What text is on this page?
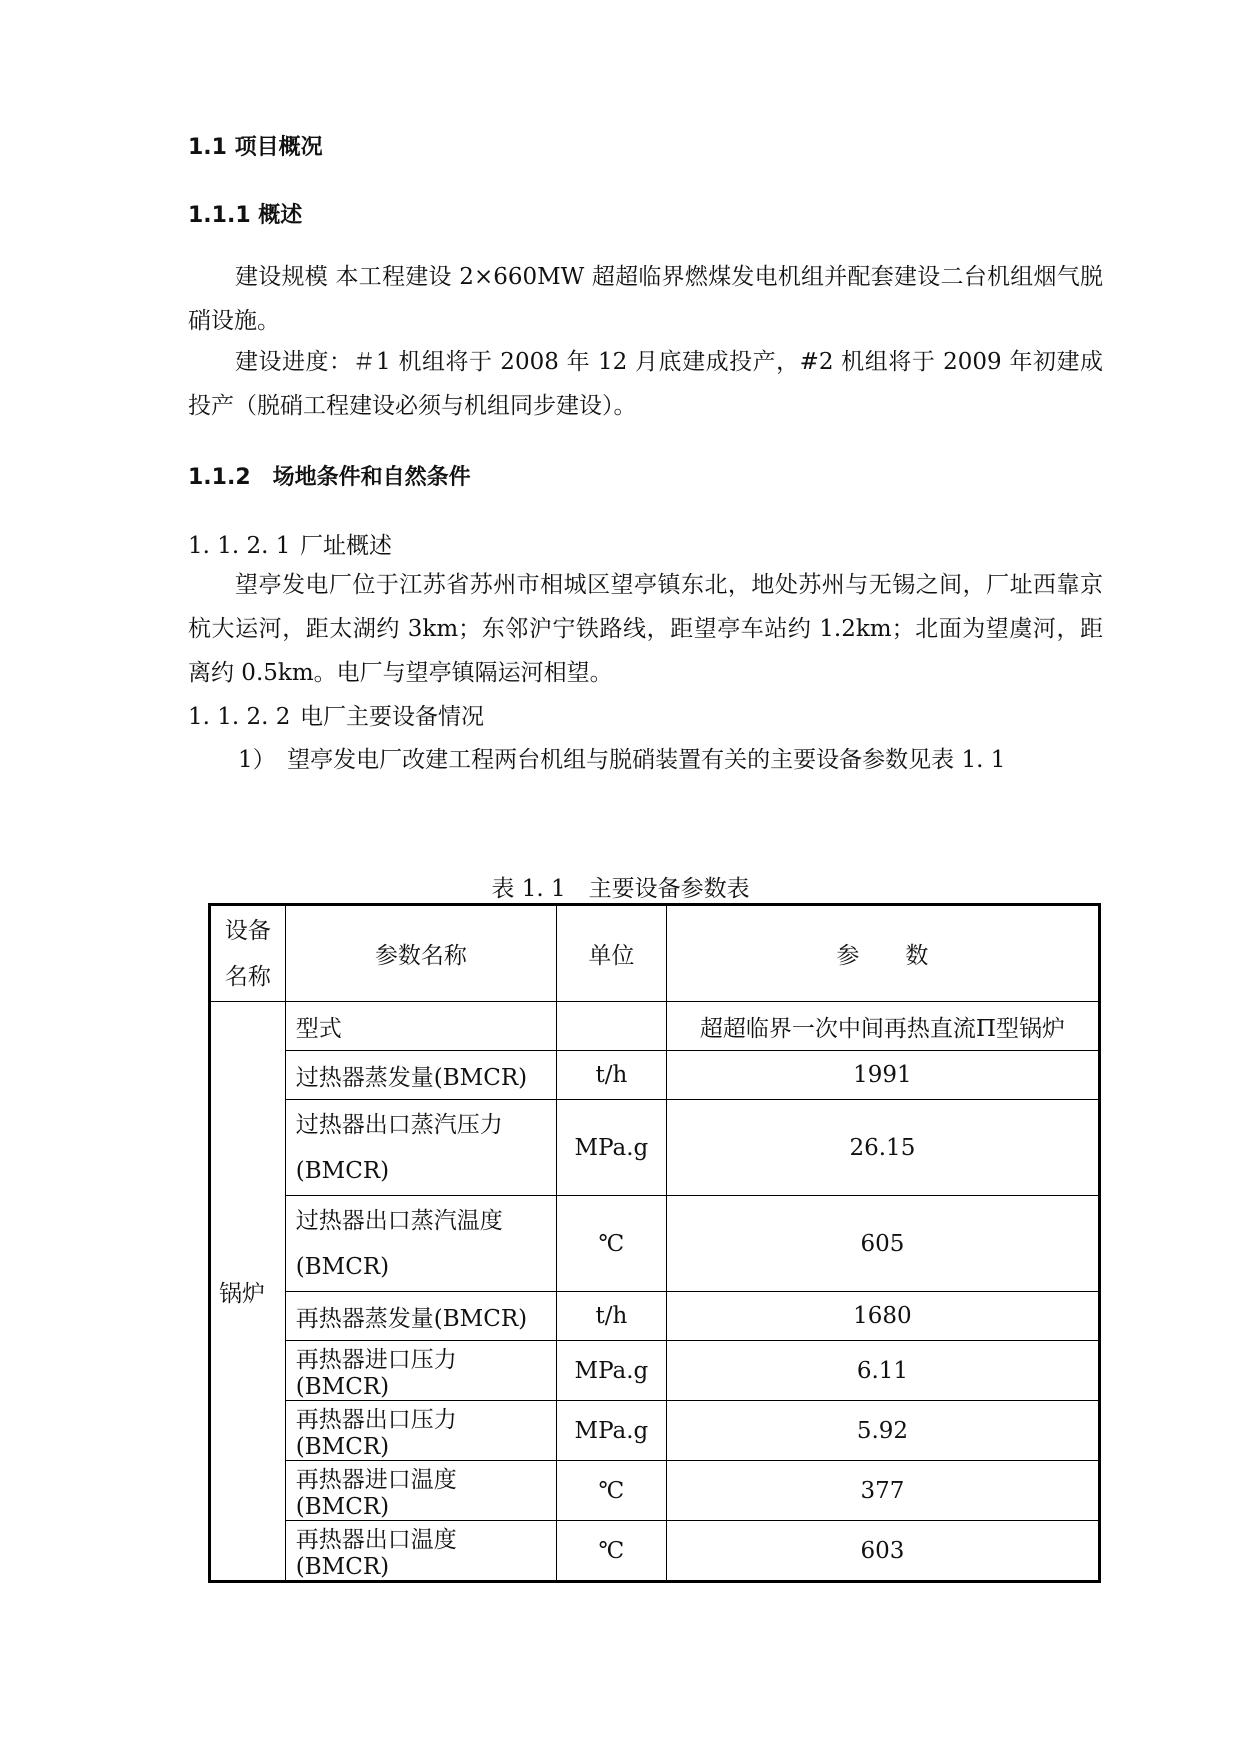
1.1 项目概况
1.1.1 概述
建设规模 本工程建设 2×660MW 超超临界燃煤发电机组并配套建设二台机组烟气脱硝设施。
建设进度：＃1 机组将于 2008 年 12 月底建成投产，#2 机组将于 2009 年初建成投产（脱硝工程建设必须与机组同步建设）。
1.1.2　场地条件和自然条件
1. 1. 2. 1 厂址概述
望亭发电厂位于江苏省苏州市相城区望亭镇东北，地处苏州与无锡之间，厂址西靠京杭大运河，距太湖约 3km；东邻沪宁铁路线，距望亭车站约 1.2km；北面为望虞河，距离约 0.5km。电厂与望亭镇隔运河相望。
1. 1. 2. 2 电厂主要设备情况
1）　望亭发电厂改建工程两台机组与脱硝装置有关的主要设备参数见表 1. 1
表 1. 1　主要设备参数表
设备名称	参数名称	单位	参　　数
锅炉	型式		超超临界一次中间再热直流Π型锅炉
	过热器蒸发量(BMCR)	t/h	1991
	过热器出口蒸汽压力(BMCR)	MPa.g	26.15
	过热器出口蒸汽温度(BMCR)	℃	605
	再热器蒸发量(BMCR)	t/h	1680
	再热器进口压力(BMCR)	MPa.g	6.11
	再热器出口压力(BMCR)	MPa.g	5.92
	再热器进口温度(BMCR)	℃	377
	再热器出口温度(BMCR)	℃	603
